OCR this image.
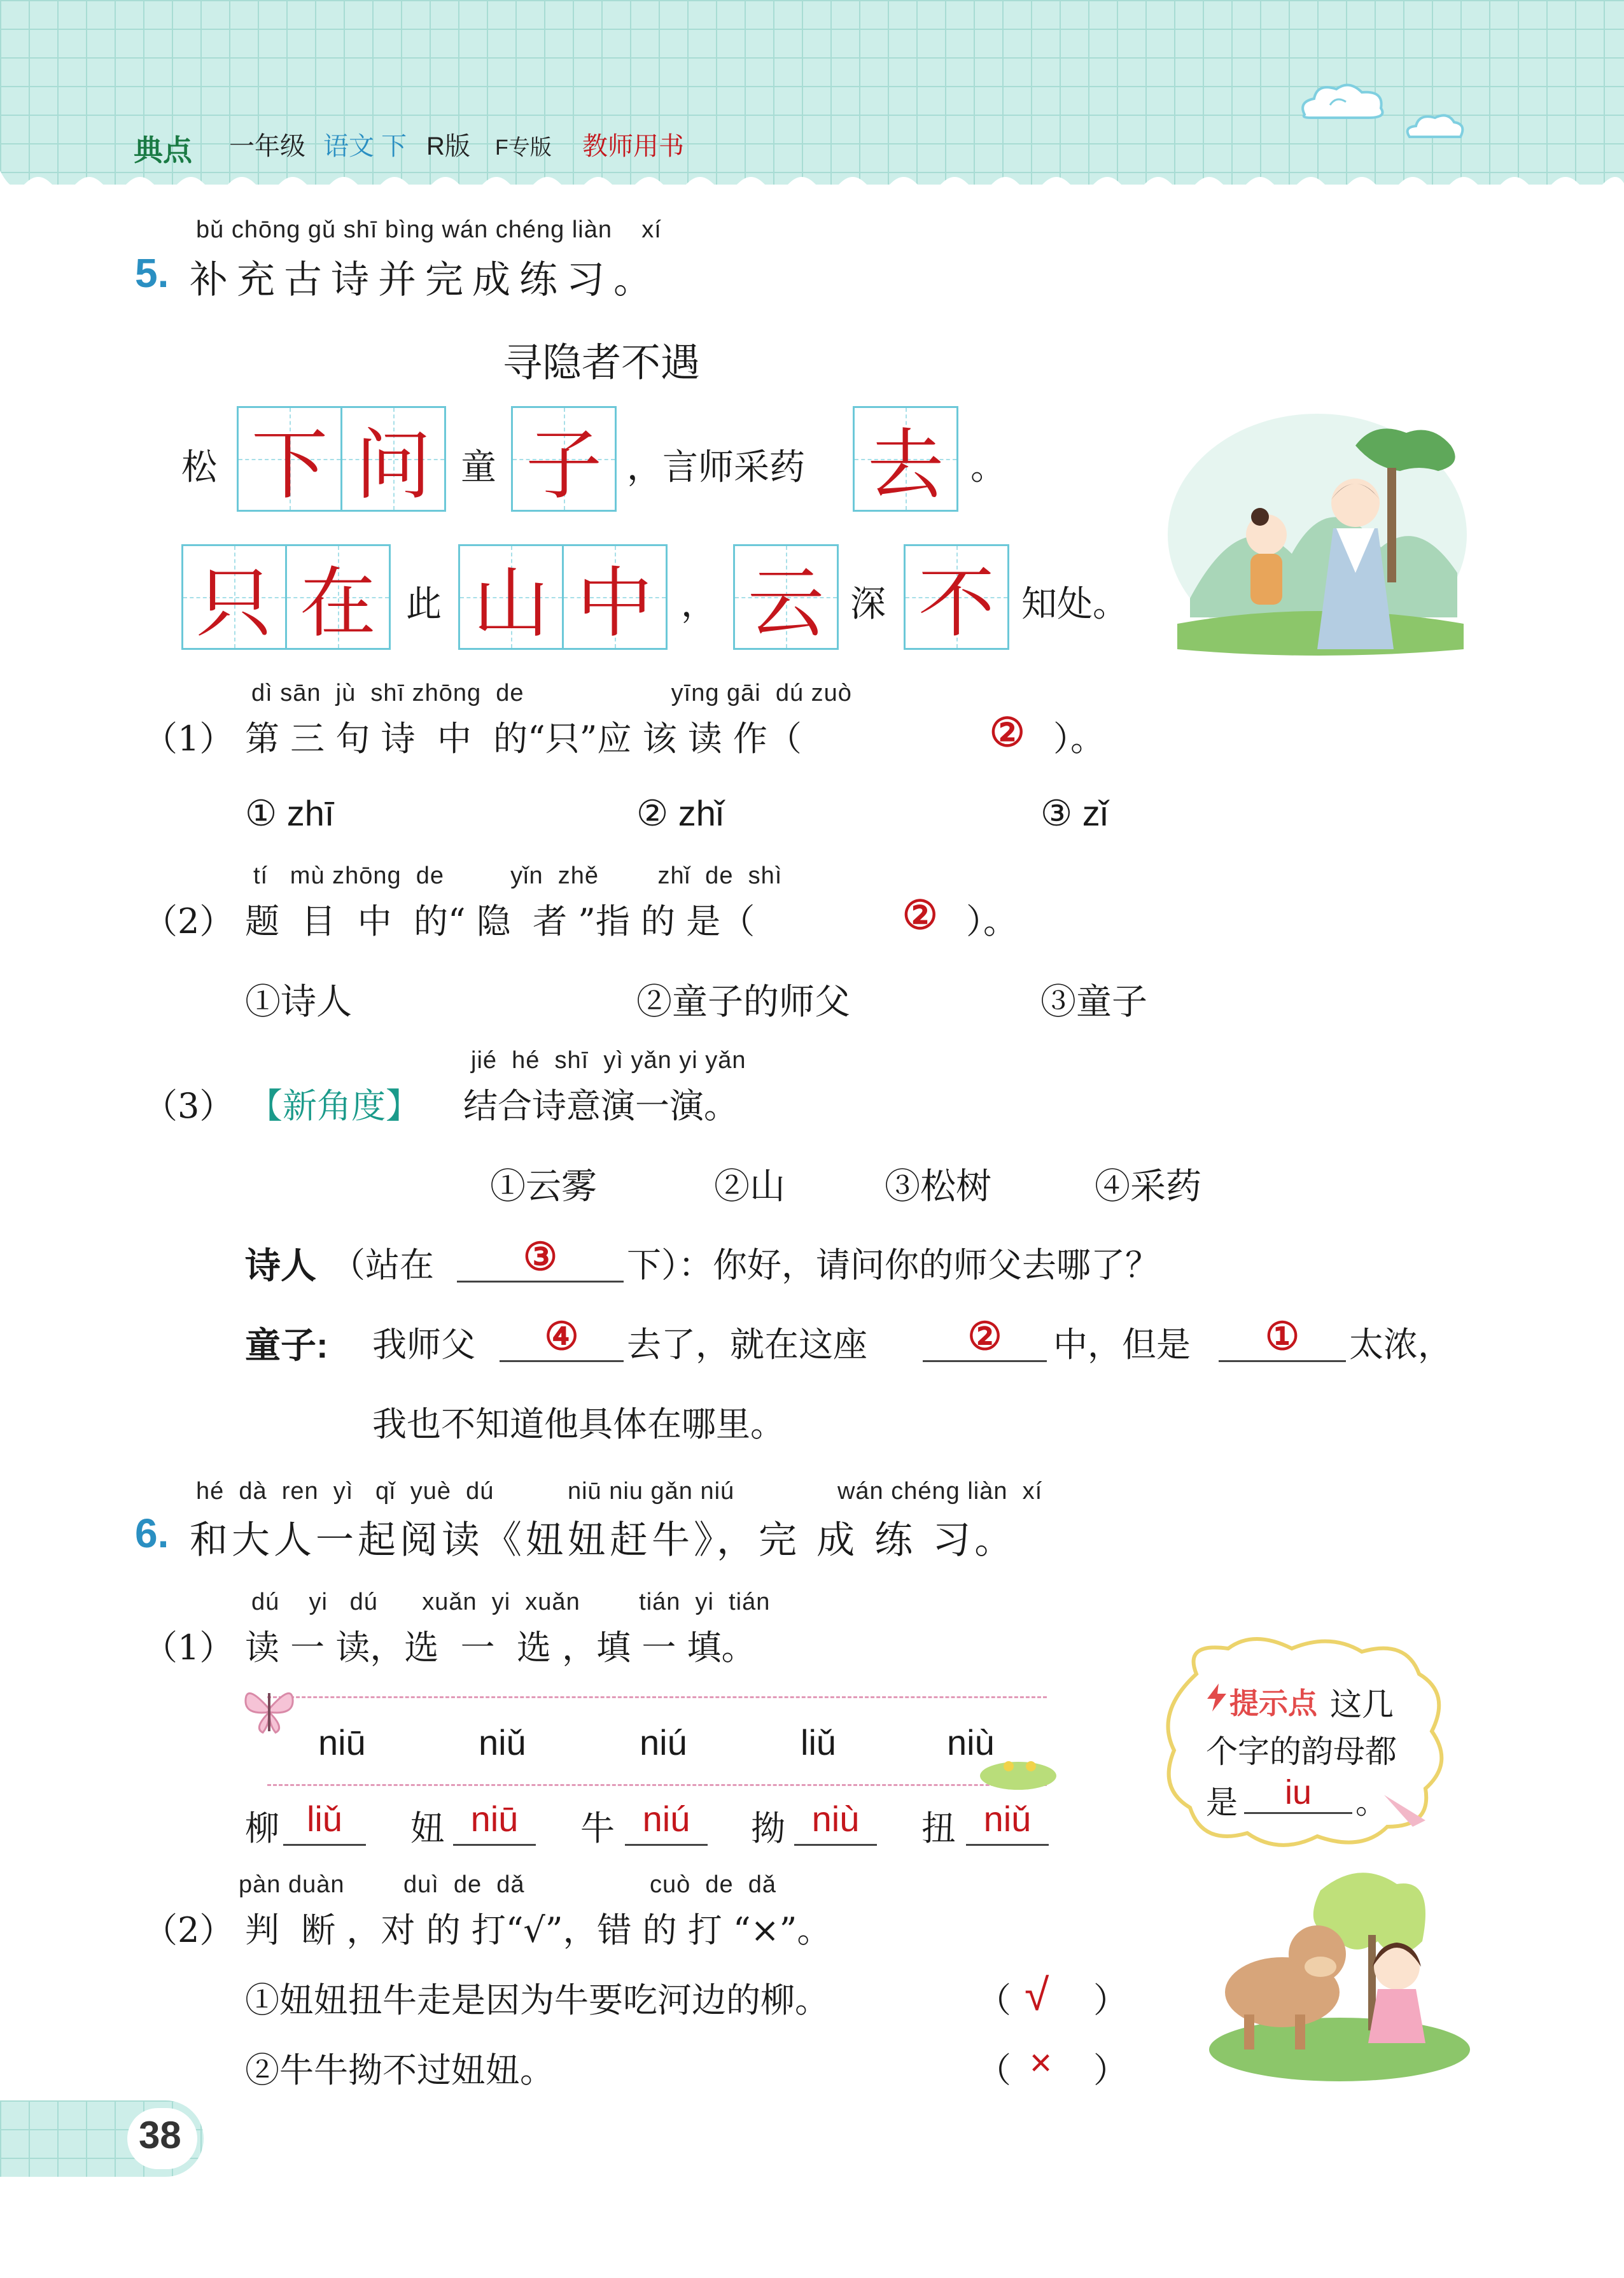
典点 一年级 语文 下 R版 F专版 教师用书
bǔ chōng gǔ shī bìng wán chéng liàn    xí
5. 补充古诗并完成练习。
寻隐者不遇
松 下 问 童 子 ，言师采药 去 。
只 在 此 山 中 ， 云 深 不 知处。
dì sān  jù  shī zhōng  de                    yīng gāi  dú zuò
（1） 第 三 句 诗  中  的“只”应 该 读 作（	② ）。
① zhī	② zhǐ	③ zǐ
tí   mù zhōng  de         yǐn  zhě        zhǐ  de  shì
（2） 题  目  中  的“ 隐  者 ”指 的 是（	② ）。
①诗人	②童子的师父	③童子
jié  hé  shī  yì yǎn yi yǎn
（3） 【新角度】 结合诗意演一演。
①云雾	②山	③松树	④采药
诗人 （站在	③	下）：你好，请问你的师父去哪了？
童子: 我师父	④	去了，就在这座	②	中，但是	①	太浓，
我也不知道他具体在哪里。
hé  dà  ren  yì   qǐ  yuè  dú          niū niu gǎn niú              wán chéng liàn  xí
6. 和大人一起阅读《妞妞赶牛》，完 成 练 习。
dú    yi   dú      xuǎn  yi  xuǎn        tián  yi  tián
（1） 读 一 读，选  一  选 ，填 一 填。
niū	niǔ	niú	liǔ	niù
柳 liǔ	妞 niū	牛 niú	拗 niù	扭 niǔ
提示点 这几
个字的韵母都
是	iu	。
pàn duàn        duì  de  dǎ                 cuò  de  dǎ
（2） 判  断 ，对 的 打“√”，错 的 打 “×”。
①妞妞扭牛走是因为牛要吃河边的柳。	（ √ ）
②牛牛拗不过妞妞。	（ × ）
38
